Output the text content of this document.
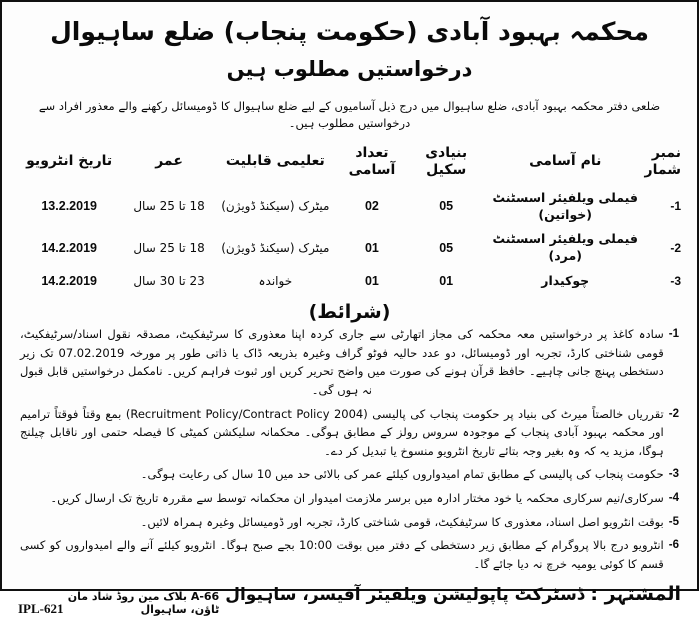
محکمہ بہبود آبادی (حکومت پنجاب) ضلع ساہیوال
درخواستیں مطلوب ہیں
ضلعی دفتر محکمہ بہبود آبادی، ضلع ساہیوال میں درج ذیل آسامیوں کے لیے ضلع ساہیوال کا ڈومیسائل رکھنے والے معذور افراد سے درخواستیں مطلوب ہیں۔
نمبر شمار	نام آسامی	بنیادی سکیل	تعداد آسامی	تعلیمی قابلیت	عمر	تاریخ انٹرویو
1-	فیملی ویلفیئر اسسٹنٹ (خواتین)	05	02	میٹرک (سیکنڈ ڈویژن)	18 تا 25 سال	13.2.2019
2-	فیملی ویلفیئر اسسٹنٹ (مرد)	05	01	میٹرک (سیکنڈ ڈویژن)	18 تا 25 سال	14.2.2019
3-	چوکیدار	01	01	خواندہ	23 تا 30 سال	14.2.2019
(شرائط)
1-
سادہ کاغذ پر درخواستیں معہ محکمہ کی مجاز اتھارٹی سے جاری کردہ اپنا معذوری کا سرٹیفکیٹ، مصدقہ نقول اسناد/سرٹیفکیٹ، قومی شناختی کارڈ، تجربہ اور ڈومیسائل، دو عدد حالیہ فوٹو گراف وغیرہ بذریعہ ڈاک یا ذاتی طور پر مورخہ 07.02.2019 تک زیر دستخطی پہنچ جانی چاہیے۔ حافظ قرآن ہونے کی صورت میں واضح تحریر کریں اور ثبوت فراہم کریں۔ نامکمل درخواستیں قابل قبول نہ ہوں گی۔
2-
تقرریاں خالصتاً میرٹ کی بنیاد پر حکومت پنجاب کی پالیسی (Recruitment Policy/Contract Policy 2004) بمع وقتاً فوقتاً ترامیم اور محکمہ بہبود آبادی پنجاب کے موجودہ سروس رولز کے مطابق ہوگی۔ محکمانہ سلیکشن کمیٹی کا فیصلہ حتمی اور ناقابل چیلنج ہوگا، مزید یہ کہ وہ بغیر وجہ بتائے تاریخ انٹرویو منسوخ یا تبدیل کر دے۔
3-
حکومت پنجاب کی پالیسی کے مطابق تمام امیدواروں کیلئے عمر کی بالائی حد میں 10 سال کی رعایت ہوگی۔
4-
سرکاری/نیم سرکاری محکمہ یا خود مختار ادارہ میں برسر ملازمت امیدوار ان محکمانہ توسط سے مقررہ تاریخ تک ارسال کریں۔
5-
بوقت انٹرویو اصل اسناد، معذوری کا سرٹیفکیٹ، قومی شناختی کارڈ، تجربہ اور ڈومیسائل وغیرہ ہمراہ لائیں۔
6-
انٹرویو درج بالا پروگرام کے مطابق زیر دستخطی کے دفتر میں بوقت 10:00 بجے صبح ہوگا۔ انٹرویو کیلئے آنے والے امیدواروں کو کسی قسم کا کوئی یومیہ خرچ نہ دیا جائے گا۔
المشتہر :
ڈسٹرکٹ پاپولیشن ویلفیئر آفیسر، ساہیوال
66-A بلاک مین روڈ شاد مان ٹاؤن، ساہیوال
IPL-621
